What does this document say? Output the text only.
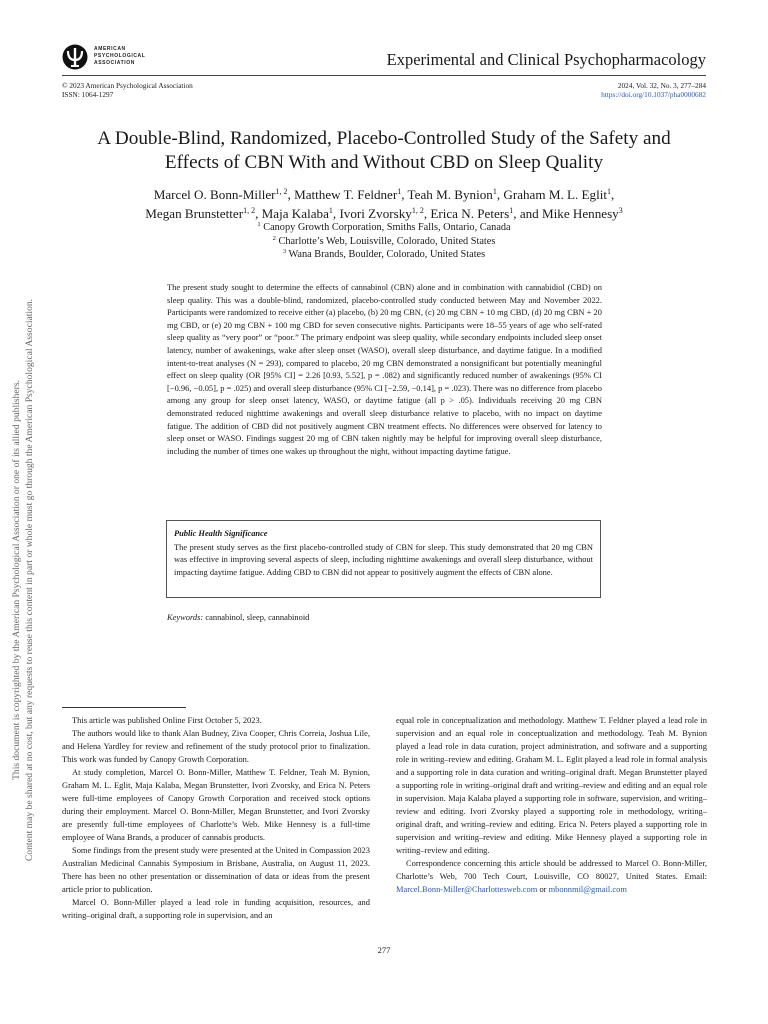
AMERICAN
PSYCHOLOGICAL
ASSOCIATION	Experimental and Clinical Psychopharmacology
© 2023 American Psychological Association
ISSN: 1064-1297
2024, Vol. 32, No. 3, 277–284
https://doi.org/10.1037/pha0000682
A Double-Blind, Randomized, Placebo-Controlled Study of the Safety and
Effects of CBN With and Without CBD on Sleep Quality
Marcel O. Bonn-Miller$^{1, 2}$, Matthew T. Feldner$^1$, Teah M. Bynion$^1$, Graham M. L. Eglit$^1$,
Megan Brunstetter$^{1, 2}$, Maja Kalaba$^1$, Ivori Zvorsky$^{1, 2}$, Erica N. Peters$^1$, and Mike Hennesy$^3$
$^1$ Canopy Growth Corporation, Smiths Falls, Ontario, Canada
$^2$ Charlotte’s Web, Louisville, Colorado, United States
$^3$ Wana Brands, Boulder, Colorado, United States
The present study sought to determine the effects of cannabinol (CBN) alone and in combination with cannabidiol (CBD) on sleep quality. This was a double-blind, randomized, placebo-controlled study conducted between May and November 2022. Participants were randomized to receive either (a) placebo, (b) 20 mg CBN, (c) 20 mg CBN + 10 mg CBD, (d) 20 mg CBN + 20 mg CBD, or (e) 20 mg CBN + 100 mg CBD for seven consecutive nights. Participants were 18–55 years of age who self-rated sleep quality as “very poor” or “poor.” The primary endpoint was sleep quality, while secondary endpoints included sleep onset latency, number of awakenings, wake after sleep onset (WASO), overall sleep disturbance, and daytime fatigue. In a modified intent-to-treat analyses (N = 293), compared to placebo, 20 mg CBN demonstrated a nonsignificant but potentially meaningful effect on sleep quality (OR [95% CI] = 2.26 [0.93, 5.52], p = .082) and significantly reduced number of awakenings (95% CI [−0.96, −0.05], p = .025) and overall sleep disturbance (95% CI [−2.59, −0.14], p = .023). There was no difference from placebo among any group for sleep onset latency, WASO, or daytime fatigue (all p > .05). Individuals receiving 20 mg CBN demonstrated reduced nighttime awakenings and overall sleep disturbance relative to placebo, with no impact on daytime fatigue. The addition of CBD did not positively augment CBN treatment effects. No differences were observed for latency to sleep onset or WASO. Findings suggest 20 mg of CBN taken nightly may be helpful for improving overall sleep disturbance, including the number of times one wakes up throughout the night, without impacting daytime fatigue.
Public Health Significance
The present study serves as the first placebo-controlled study of CBN for sleep. This study demonstrated that 20 mg CBN was effective in improving several aspects of sleep, including nighttime awakenings and overall sleep disturbance, without impacting daytime fatigue. Adding CBD to CBN did not appear to positively augment the effects of CBN alone.
Keywords: cannabinol, sleep, cannabinoid

This article was published Online First October 5, 2023.

The authors would like to thank Alan Budney, Ziva Cooper, Chris Correia, Joshua Lile, and Helena Yardley for review and refinement of the study protocol prior to finalization. This work was funded by Canopy Growth Corporation.

At study completion, Marcel O. Bonn-Miller, Matthew T. Feldner, Teah M. Bynion, Graham M. L. Eglit, Maja Kalaba, Megan Brunstetter, Ivori Zvorsky, and Erica N. Peters were full-time employees of Canopy Growth Corporation and received stock options during their employment. Marcel O. Bonn-Miller, Megan Brunstetter, and Ivori Zvorsky are presently full-time employees of Charlotte’s Web. Mike Hennesy is a full-time employee of Wana Brands, a producer of cannabis products.

Some findings from the present study were presented at the United in Compassion 2023 Australian Medicinal Cannabis Symposium in Brisbane, Australia, on August 11, 2023. There has been no other presentation or dissemination of data or ideas from the present article prior to publication.

Marcel O. Bonn-Miller played a lead role in funding acquisition, resources, and writing–original draft, a supporting role in supervision, and an

equal role in conceptualization and methodology. Matthew T. Feldner played a lead role in supervision and an equal role in conceptualization and methodology. Teah M. Bynion played a lead role in data curation, project administration, and software and a supporting role in writing–review and editing. Graham M. L. Eglit played a lead role in formal analysis and a supporting role in data curation and writing–original draft. Megan Brunstetter played a supporting role in writing–original draft and writing–review and editing and an equal role in supervision. Maja Kalaba played a supporting role in software, supervision, and writing–review and editing. Ivori Zvorsky played a supporting role in methodology, writing–original draft, and writing–review and editing. Erica N. Peters played a supporting role in supervision and writing–review and editing. Mike Hennesy played a supporting role in writing–review and editing.

Correspondence concerning this article should be addressed to Marcel O. Bonn-Miller, Charlotte’s Web, 700 Tech Court, Louisville, CO 80027, United States. Email: Marcel.Bonn-Miller@Charlottesweb.com or mbonnmil@gmail.com

277
This document is copyrighted by the American Psychological Association or one of its allied publishers. Content may be shared at no cost, but any requests to reuse this content in part or whole must go through the American Psychological Association.
